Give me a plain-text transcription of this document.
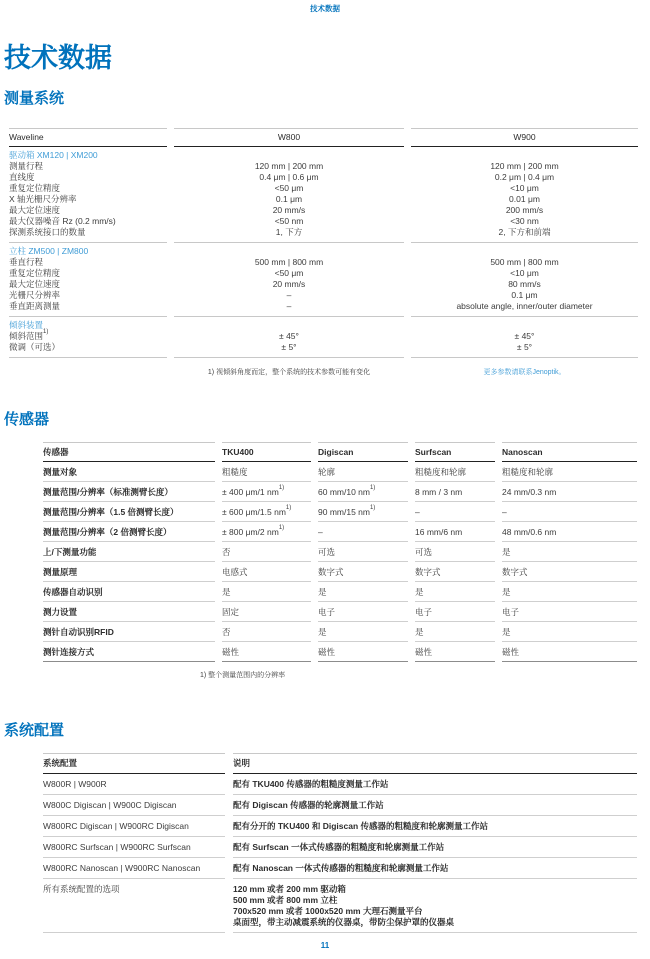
技术数据
技术数据
测量系统
Waveline	W800	W900
驱动箱 XM120 | XM200
测量行程	120 mm | 200 mm	120 mm | 200 mm
直线度	0.4 μm | 0.6 μm	0.2 μm | 0.4 μm
重复定位精度	<50 μm	<10 μm
X 轴光栅尺分辨率	0.1 μm	0.01 μm
最大定位速度	20 mm/s	200 mm/s
最大仪器噪音 Rz (0.2 mm/s)	<50 nm	<30 nm
探测系统接口的数量	1, 下方	2, 下方和前端
立柱 ZM500 | ZM800
垂直行程	500 mm | 800 mm	500 mm | 800 mm
重复定位精度	<50 μm	<10 μm
最大定位速度	20 mm/s	80 mm/s
光栅尺分辨率	–	0.1 μm
垂直距离测量	–	absolute angle, inner/outer diameter
倾斜装置
倾斜范围$^{1)}$	± 45°	± 45°
微调（可选）	± 5°	± 5°
1) 视倾斜角度而定，整个系统的技术参数可能有变化	更多参数请联系Jenoptik。
传感器
传感器	TKU400	Digiscan	Surfscan	Nanoscan
测量对象	粗糙度	轮廓	粗糙度和轮廓	粗糙度和轮廓
测量范围/分辨率（标准测臂长度）	± 400 μm/1 $nm^{1)}$	60 mm/10 $nm^{1)}$	8 mm / 3 nm	24 mm/0.3 nm
测量范围/分辨率（1.5 倍测臂长度）	± 600 μm/1.5 $nm^{1)}$	90 mm/15 $nm^{1)}$	–	–
测量范围/分辨率（2 倍测臂长度）	± 800 μm/2 $nm^{1)}$	–	16 mm/6 nm	48 mm/0.6 nm
上/下测量功能	否	可选	可选	是
测量原理	电感式	数字式	数字式	数字式
传感器自动识别	是	是	是	是
测力设置	固定	电子	电子	电子
测针自动识别RFID	否	是	是	是
测针连接方式	磁性	磁性	磁性	磁性
1) 整个测量范围内的分辨率
系统配置
系统配置	说明
W800R | W900R	配有 TKU400 传感器的粗糙度测量工作站
W800C Digiscan | W900C Digiscan	配有 Digiscan 传感器的轮廓测量工作站
W800RC Digiscan | W900RC Digiscan	配有分开的 TKU400 和 Digiscan 传感器的粗糙度和轮廓测量工作站
W800RC Surfscan | W900RC Surfscan	配有 Surfscan 一体式传感器的粗糙度和轮廓测量工作站
W800RC Nanoscan | W900RC Nanoscan	配有 Nanoscan 一体式传感器的粗糙度和轮廓测量工作站
所有系统配置的选项	120 mm 或者 200 mm 驱动箱
500 mm 或者 800 mm 立柱
700x520 mm 或者 1000x520 mm 大理石测量平台
桌面型，带主动减震系统的仪器桌，带防尘保护罩的仪器桌
11
